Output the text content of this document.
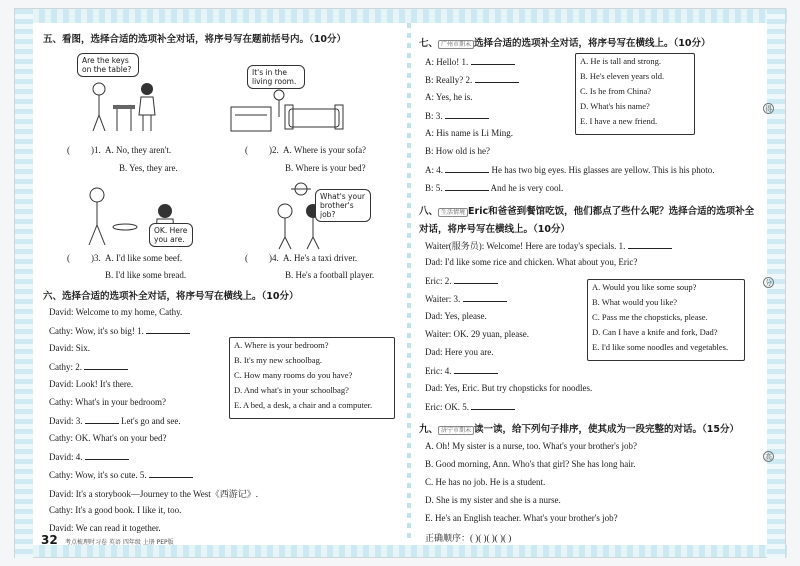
五、看图，选择合适的选项补全对话，将序号写在题前括号内。（10分）
Are the keys on the table?	It's in the living room.
( )1. A. No, they aren't.
B. Yes, they are.
( )2. A. Where is your sofa?
B. Where is your bed?
OK. Here you are.
What's your brother's job?
( )3. A. I'd like some beef.
B. I'd like some bread.
( )4. A. He's a taxi driver.
B. He's a football player.
六、选择合适的选项补全对话，将序号写在横线上。（10分）
David: Welcome to my home, Cathy.
Cathy: Wow, it's so big! 1.
David: Six.
Cathy: 2.
David: Look! It's there.
Cathy: What's in your bedroom?
David: 3.	Let's go and see.
Cathy: OK. What's on your bed?
David: 4.
Cathy: Wow, it's so cute. 5.
David: It's a storybook—Journey to the West《西游记》.
Cathy: It's a good book. I like it, too.
David: We can read it together.
A. Where is your bedroom?
B. It's my new schoolbag.
C. How many rooms do you have?
D. And what's in your schoolbag?
E. A bed, a desk, a chair and a computer.
32 考点梳理时习卷 英语 四年级 上册 PEP版
七、 广州市期末 选择合适的选项补全对话，将序号写在横线上。（10分）
A: Hello! 1.
B: Really? 2.
A: Yes, he is.
B: 3.
A: His name is Li Ming.
B: How old is he?
A: 4.	He has two big eyes. His glasses are yellow. This is his photo.
B: 5.	And he is very cool.
A. He is tall and strong.
B. He's eleven years old.
C. Is he from China?
D. What's his name?
E. I have a new friend.
八、 生活情境 Eric和爸爸到餐馆吃饭，他们都点了些什么呢？选择合适的选项补全
对话，将序号写在横线上。（10分）
Waiter(服务员): Welcome! Here are today's specials. 1.
Dad: I'd like some rice and chicken. What about you, Eric?
Eric: 2.
Waiter: 3.
Dad: Yes, please.
Waiter: OK. 29 yuan, please.
Dad: Here you are.
Eric: 4.
Dad: Yes, Eric. But try chopsticks for noodles.
Eric: OK. 5.
A. Would you like some soup?
B. What would you like?
C. Pass me the chopsticks, please.
D. Can I have a knife and fork, Dad?
E. I'd like some noodles and vegetables.
九、 济宁市期末 读一读，给下列句子排序，使其成为一段完整的对话。（15分）
A. Oh! My sister is a nurse, too. What's your brother's job?
B. Good morning, Ann. Who's that girl? She has long hair.
C. He has no job. He is a student.
D. She is my sister and she is a nurse.
E. He's an English teacher. What's your brother's job?
正确顺序：( )( )( )( )( )
得
分
高
